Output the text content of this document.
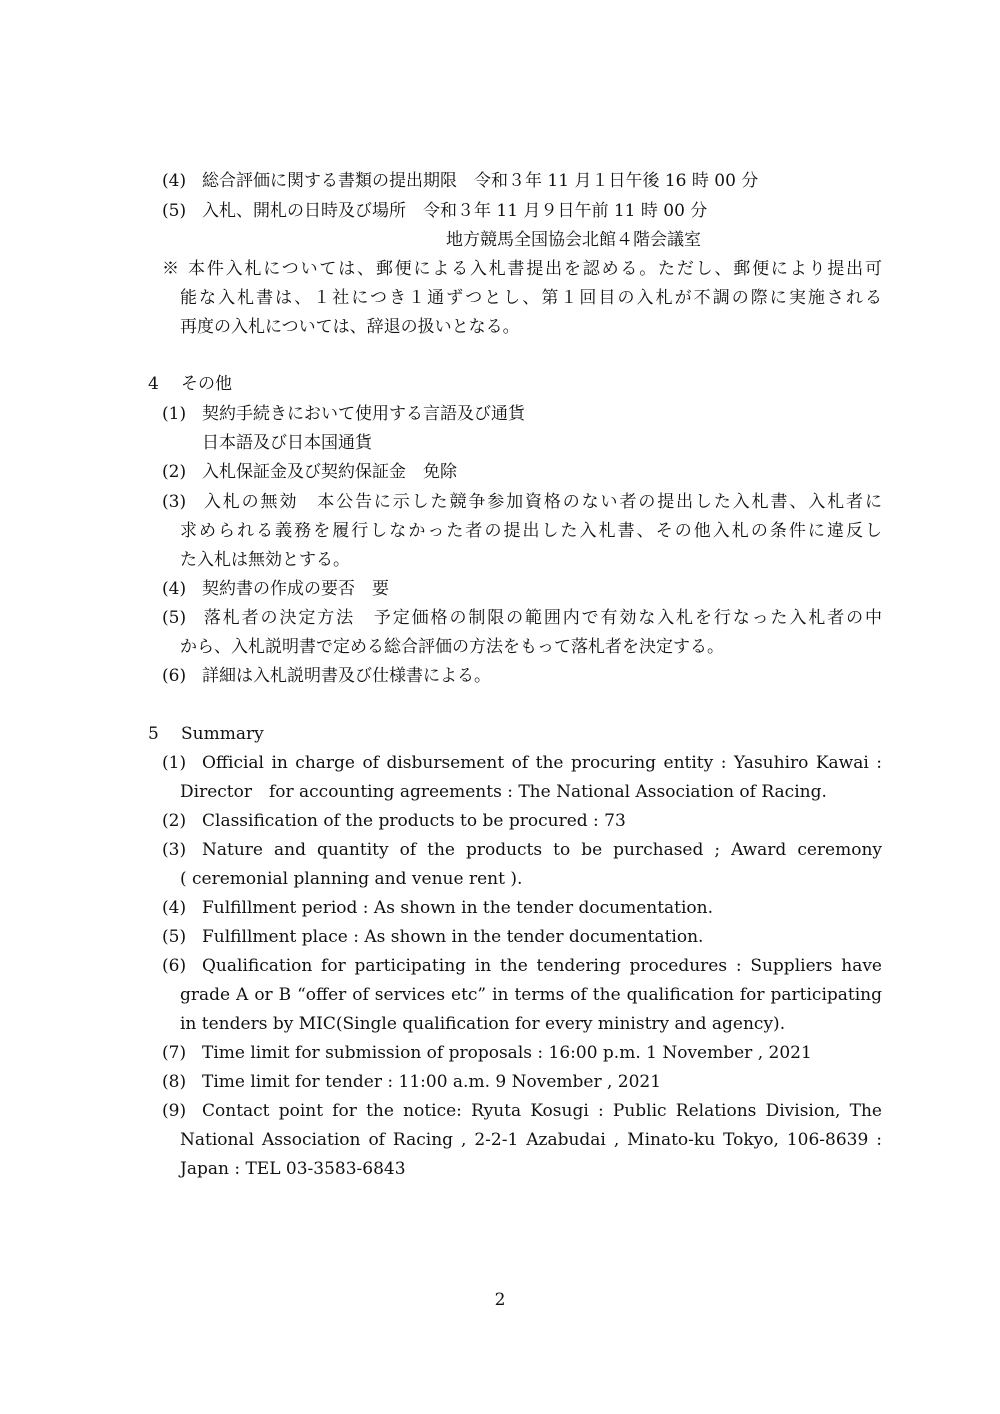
(4) 総合評価に関する書類の提出期限　令和３年 11 月１日午後 16 時 00 分
(5) 入札、開札の日時及び場所　令和３年 11 月９日午前 11 時 00 分
地方競馬全国協会北館４階会議室
※ 本件入札については、郵便による入札書提出を認める。ただし、郵便により提出可
能な入札書は、１社につき１通ずつとし、第１回目の入札が不調の際に実施される
再度の入札については、辞退の扱いとなる。
4 その他
(1) 契約手続きにおいて使用する言語及び通貨
日本語及び日本国通貨
(2) 入札保証金及び契約保証金　免除
(3) 入札の無効　本公告に示した競争参加資格のない者の提出した入札書、入札者に
求められる義務を履行しなかった者の提出した入札書、その他入札の条件に違反し
た入札は無効とする。
(4) 契約書の作成の要否　要
(5) 落札者の決定方法　予定価格の制限の範囲内で有効な入札を行なった入札者の中
から、入札説明書で定める総合評価の方法をもって落札者を決定する。
(6) 詳細は入札説明書及び仕様書による。
5 Summary
(1) Official in charge of disbursement of the procuring entity : Yasuhiro Kawai :
Director　for accounting agreements : The National Association of Racing.
(2) Classification of the products to be procured : 73
(3) Nature and quantity of the products to be purchased ; Award ceremony
( ceremonial planning and venue rent ).
(4) Fulfillment period : As shown in the tender documentation.
(5) Fulfillment place : As shown in the tender documentation.
(6) Qualification for participating in the tendering procedures : Suppliers have
grade A or B “offer of services etc” in terms of the qualification for participating
in tenders by MIC(Single qualification for every ministry and agency).
(7) Time limit for submission of proposals : 16:00 p.m. 1 November , 2021
(8) Time limit for tender : 11:00 a.m. 9 November , 2021
(9) Contact point for the notice: Ryuta Kosugi : Public Relations Division, The
National Association of Racing , 2-2-1 Azabudai , Minato-ku Tokyo, 106-8639 :
Japan : TEL 03-3583-6843
2
